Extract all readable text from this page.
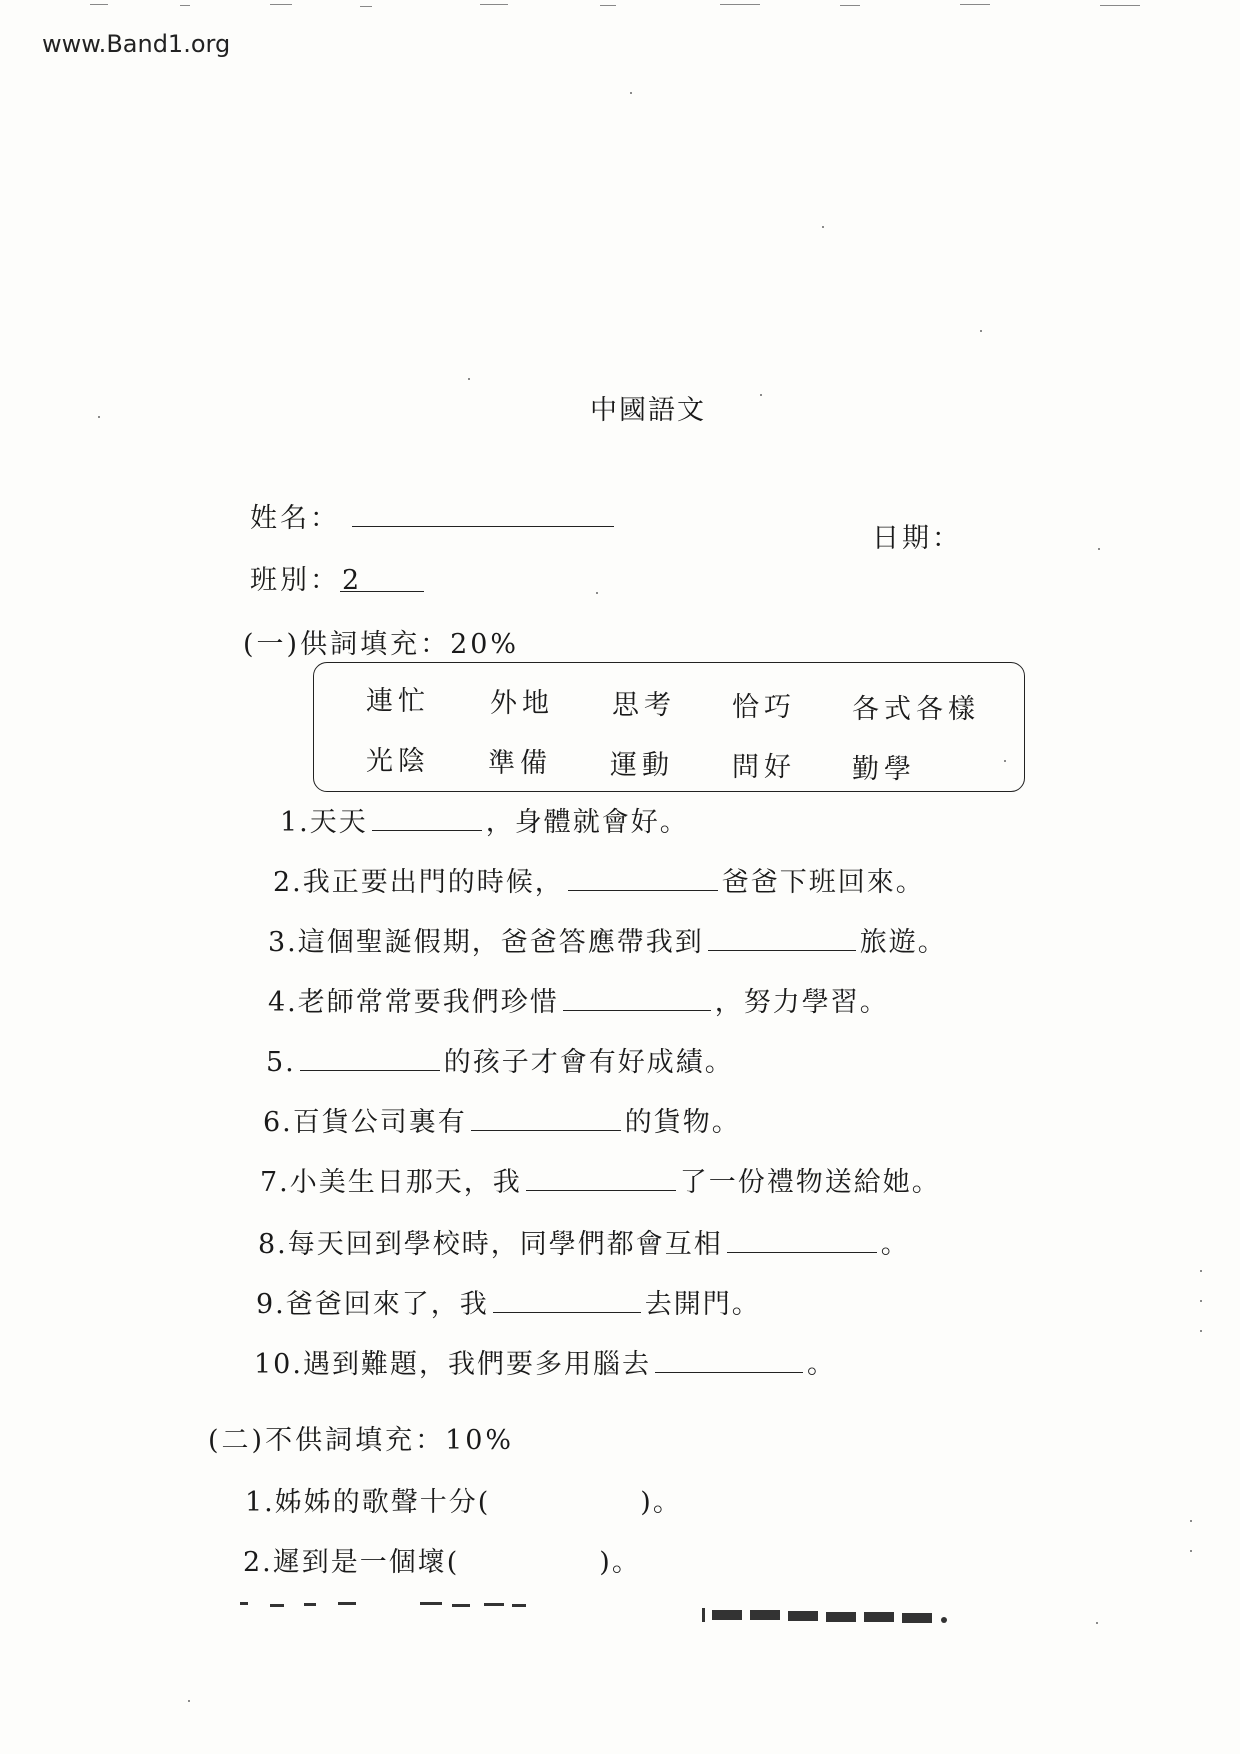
www.Band1.org
中國語文
姓名：
日期：
班別：2
(一)供詞填充：20%
連忙 外地 思考 恰巧 各式各樣
光陰 準備 運動 問好 勤學
1.天天	，身體就會好。
2.我正要出門的時候，	爸爸下班回來。
3.這個聖誕假期，爸爸答應帶我到	旅遊。
4.老師常常要我們珍惜	，努力學習。
5.	的孩子才會有好成績。
6.百貨公司裏有	的貨物。
7.小美生日那天，我	了一份禮物送給她。
8.每天回到學校時，同學們都會互相	。
9.爸爸回來了，我	去開門。
10.遇到難題，我們要多用腦去	。
(二)不供詞填充：10%
1.姊姊的歌聲十分(	)。
2.遲到是一個壞(	)。
